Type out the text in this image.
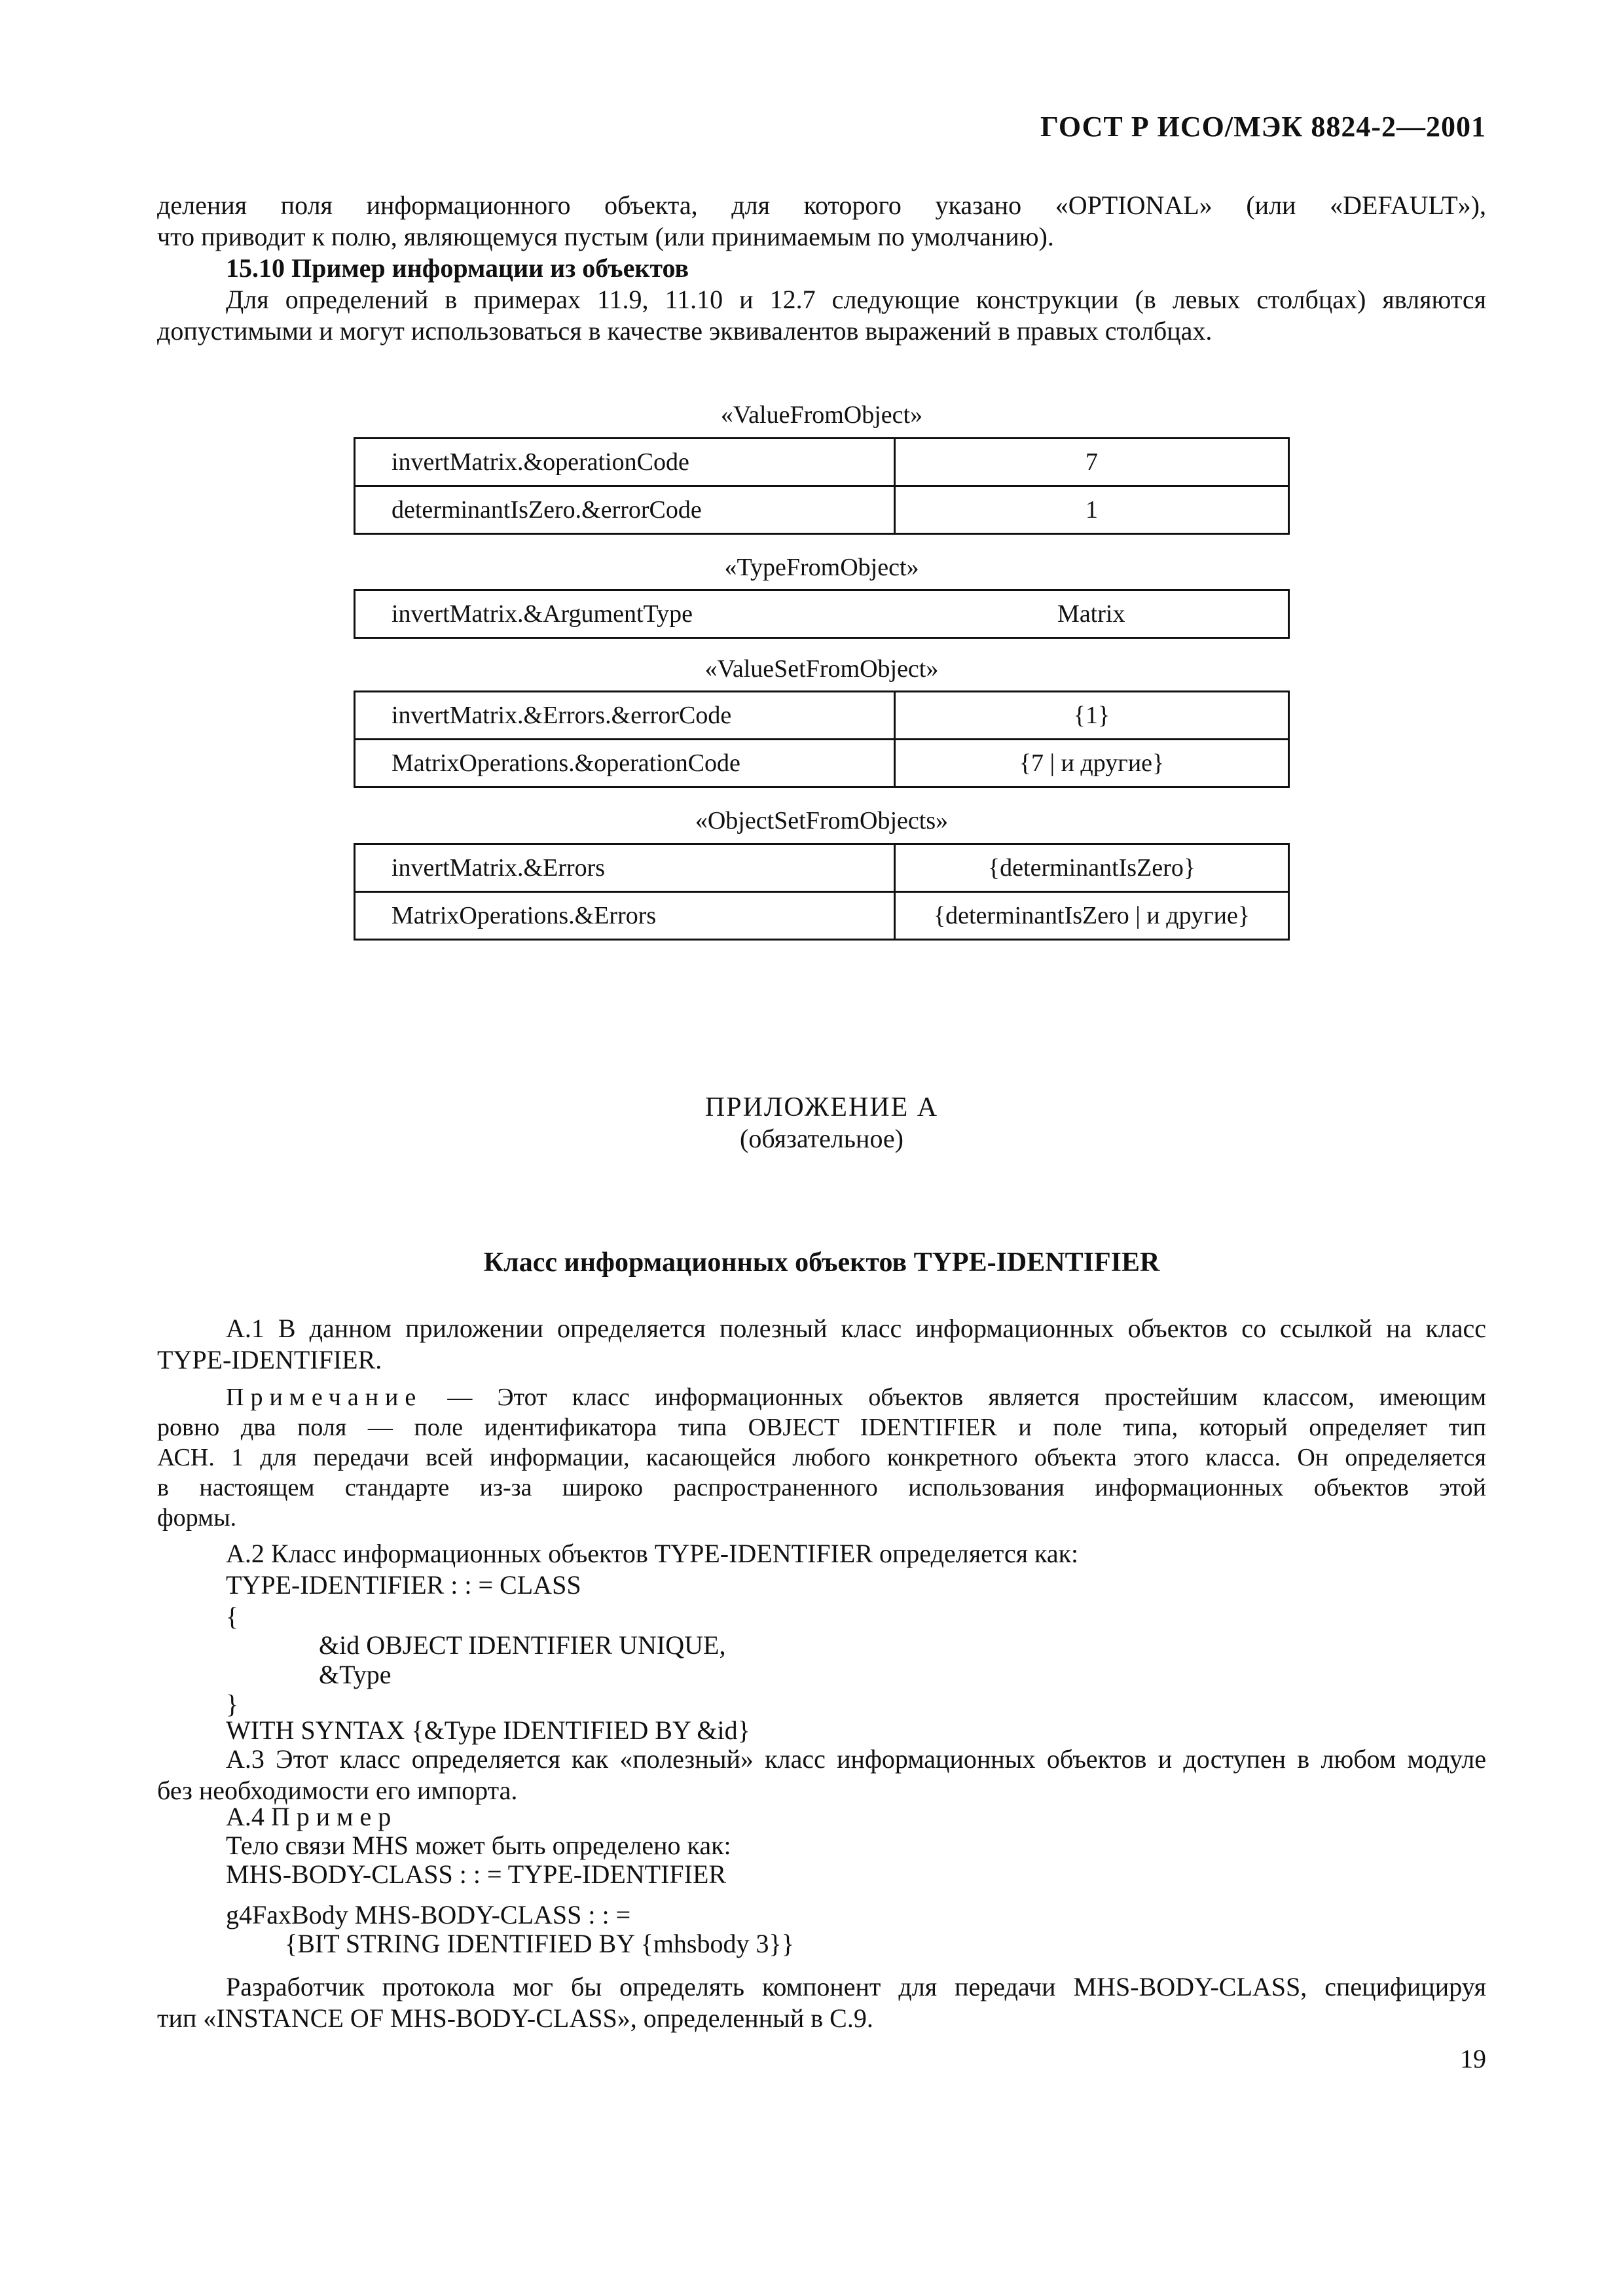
ГОСТ Р ИСО/МЭК 8824-2—2001
деления поля информационного объекта, для которого указано «OPTIONAL» (или «DEFAULT»),
что приводит к полю, являющемуся пустым (или принимаемым по умолчанию).
15.10 Пример информации из объектов
Для определений в примерах 11.9, 11.10 и 12.7 следующие конструкции (в левых столбцах) являются
допустимыми и могут использоваться в качестве эквивалентов выражений в правых столбцах.
«ValueFromObject»
invertMatrix.&operationCode	7
determinantIsZero.&errorCode	1
«TypeFromObject»
invertMatrix.&ArgumentType	Matrix
«ValueSetFromObject»
invertMatrix.&Errors.&errorCode	{1}
MatrixOperations.&operationCode	{7 | и другие}
«ObjectSetFromObjects»
invertMatrix.&Errors	{determinantIsZero}
MatrixOperations.&Errors	{determinantIsZero | и другие}
ПРИЛОЖЕНИЕ А
(обязательное)
Класс информационных объектов TYPE-IDENTIFIER
A.1 В данном приложении определяется полезный класс информационных объектов со ссылкой на класс
TYPE-IDENTIFIER.
Примечание — Этот класс информационных объектов является простейшим классом, имеющим
ровно два поля — поле идентификатора типа OBJECT IDENTIFIER и поле типа, который определяет тип
АСН. 1 для передачи всей информации, касающейся любого конкретного объекта этого класса. Он определяется
в настоящем стандарте из-за широко распространенного использования информационных объектов этой
формы.
A.2 Класс информационных объектов TYPE-IDENTIFIER определяется как:
TYPE-IDENTIFIER : : = CLASS
{
&id OBJECT IDENTIFIER UNIQUE,
&Type
}
WITH SYNTAX {&Type IDENTIFIED BY &id}
A.3 Этот класс определяется как «полезный» класс информационных объектов и доступен в любом модуле
без необходимости его импорта.
A.4 Пример
Тело связи MHS может быть определено как:
MHS-BODY-CLASS : : = TYPE-IDENTIFIER
g4FaxBody MHS-BODY-CLASS : : =
{BIT STRING IDENTIFIED BY {mhsbody 3}}
Разработчик протокола мог бы определять компонент для передачи MHS-BODY-CLASS, специфицируя
тип «INSTANCE OF MHS-BODY-CLASS», определенный в C.9.
19
